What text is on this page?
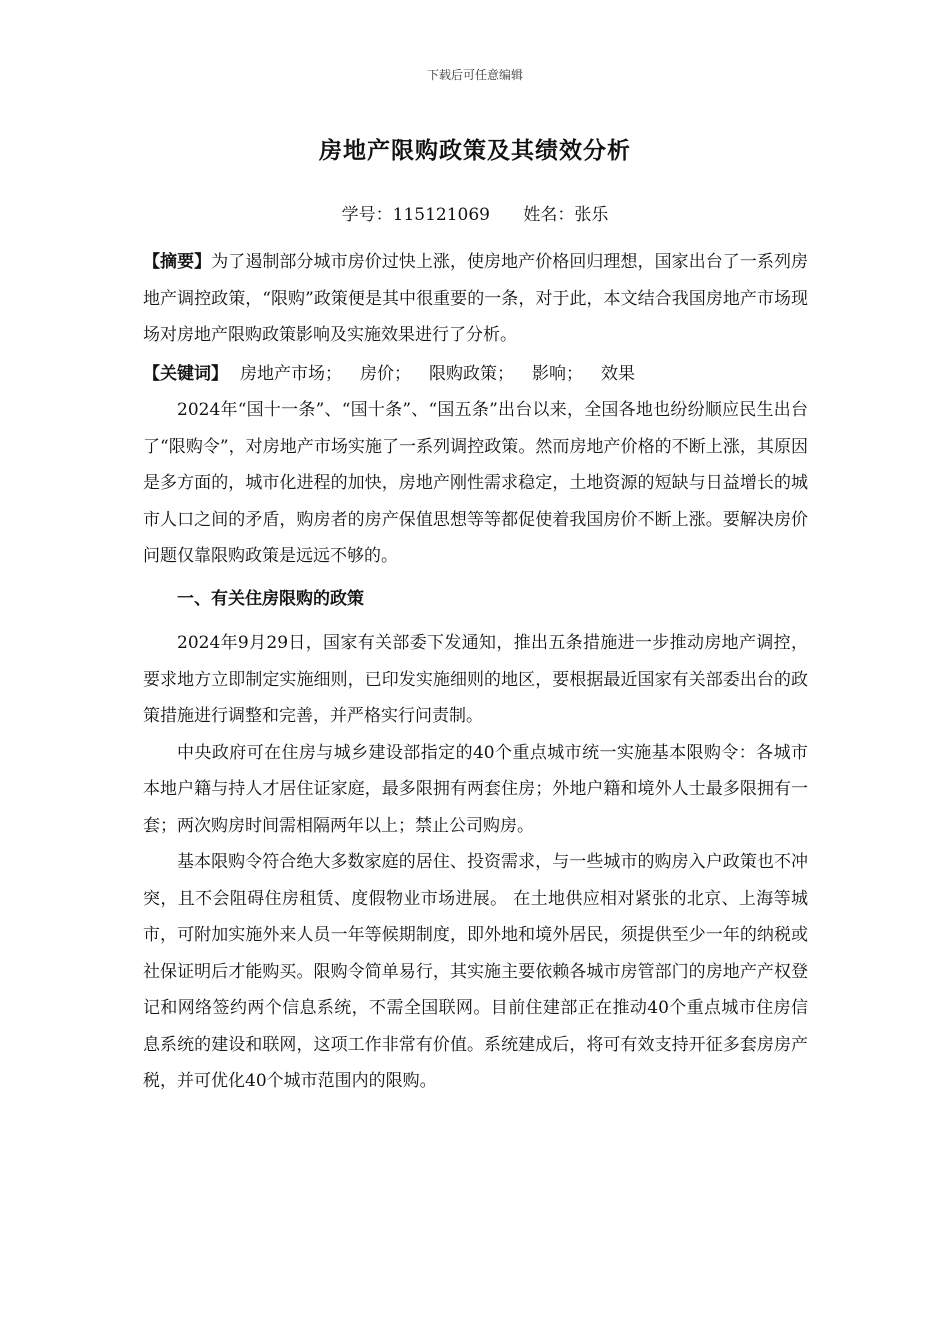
下载后可任意编辑
房地产限购政策及其绩效分析
学号：115121069 姓名：张乐

【摘要】为了遏制部分城市房价过快上涨，使房地产价格回归理想，国家出台了一系列房地产调控政策，“限购”政策便是其中很重要的一条，对于此，本文结合我国房地产市场现场对房地产限购政策影响及实施效果进行了分析。

【关键词】 房地产市场； 房价； 限购政策； 影响； 效果

2024年“国十一条”、“国十条”、“国五条”出台以来，全国各地也纷纷顺应民生出台了“限购令”，对房地产市场实施了一系列调控政策。然而房地产价格的不断上涨，其原因是多方面的，城市化进程的加快，房地产刚性需求稳定，土地资源的短缺与日益增长的城市人口之间的矛盾，购房者的房产保值思想等等都促使着我国房价不断上涨。要解决房价问题仅靠限购政策是远远不够的。

一、有关住房限购的政策

2024年9月29日，国家有关部委下发通知，推出五条措施进一步推动房地产调控，要求地方立即制定实施细则，已印发实施细则的地区，要根据最近国家有关部委出台的政策措施进行调整和完善，并严格实行问责制。

中央政府可在住房与城乡建设部指定的40个重点城市统一实施基本限购令：各城市本地户籍与持人才居住证家庭，最多限拥有两套住房；外地户籍和境外人士最多限拥有一套；两次购房时间需相隔两年以上；禁止公司购房。

基本限购令符合绝大多数家庭的居住、投资需求，与一些城市的购房入户政策也不冲突，且不会阻碍住房租赁、度假物业市场进展。 在土地供应相对紧张的北京、上海等城市，可附加实施外来人员一年等候期制度，即外地和境外居民，须提供至少一年的纳税或社保证明后才能购买。限购令简单易行，其实施主要依赖各城市房管部门的房地产产权登记和网络签约两个信息系统，不需全国联网。目前住建部正在推动40个重点城市住房信息系统的建设和联网，这项工作非常有价值。系统建成后，将可有效支持开征多套房房产税，并可优化40个城市范围内的限购。
